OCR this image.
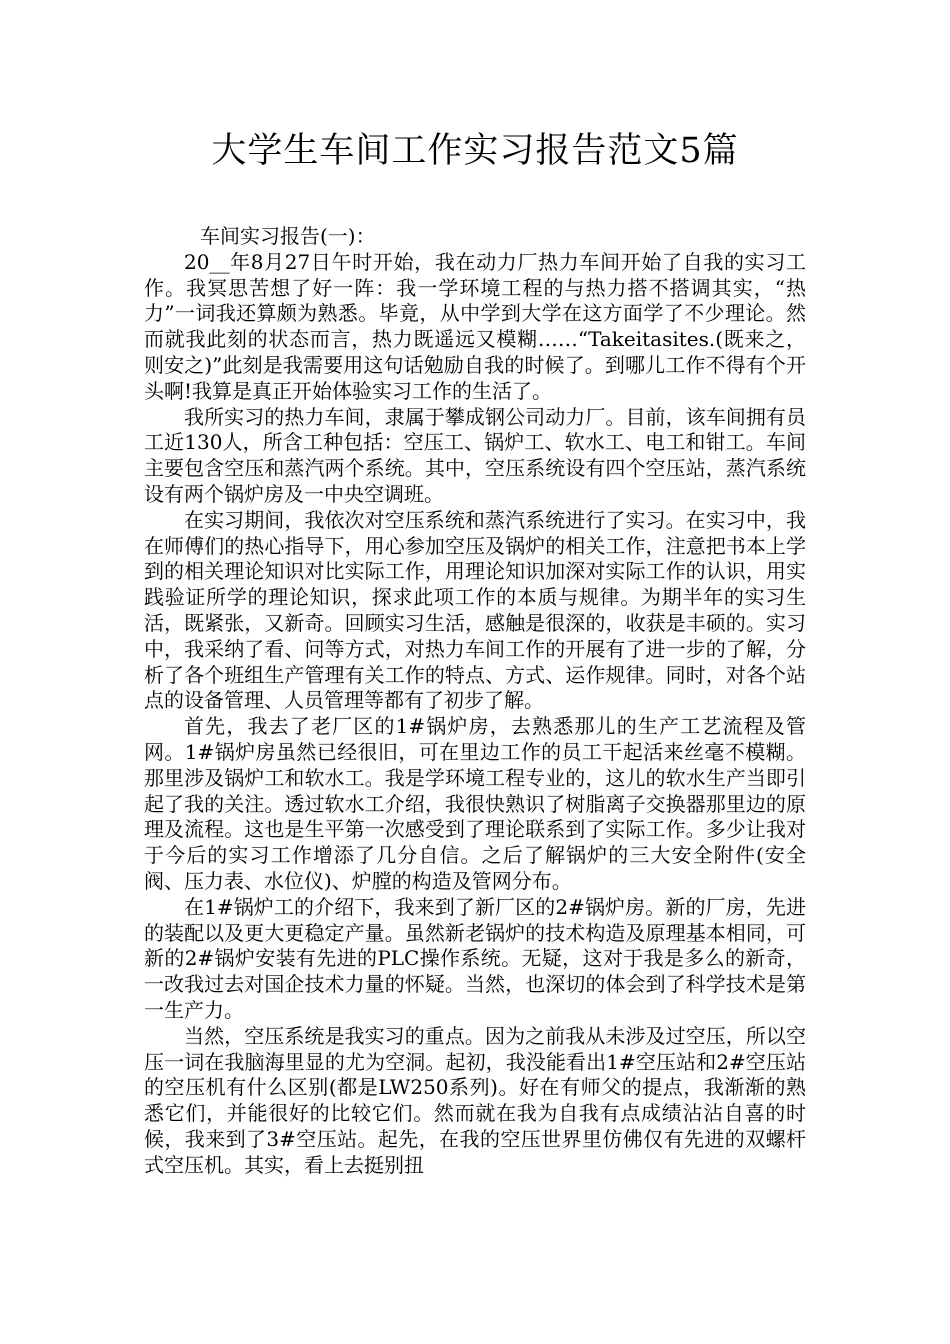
大学生车间工作实习报告范文5篇

车间实习报告(一)：

20__年8月27日午时开始，我在动力厂热力车间开始了自我的实习工作。我冥思苦想了好一阵：我一学环境工程的与热力搭不搭调其实，“热力”一词我还算颇为熟悉。毕竟，从中学到大学在这方面学了不少理论。然而就我此刻的状态而言，热力既遥远又模糊……“Takeitasites.(既来之，则安之)”此刻是我需要用这句话勉励自我的时候了。到哪儿工作不得有个开头啊!我算是真正开始体验实习工作的生活了。

我所实习的热力车间，隶属于攀成钢公司动力厂。目前，该车间拥有员工近130人，所含工种包括：空压工、锅炉工、软水工、电工和钳工。车间主要包含空压和蒸汽两个系统。其中，空压系统设有四个空压站，蒸汽系统设有两个锅炉房及一中央空调班。

在实习期间，我依次对空压系统和蒸汽系统进行了实习。在实习中，我在师傅们的热心指导下，用心参加空压及锅炉的相关工作，注意把书本上学到的相关理论知识对比实际工作，用理论知识加深对实际工作的认识，用实践验证所学的理论知识，探求此项工作的本质与规律。为期半年的实习生活，既紧张，又新奇。回顾实习生活，感触是很深的，收获是丰硕的。实习中，我采纳了看、问等方式，对热力车间工作的开展有了进一步的了解，分析了各个班组生产管理有关工作的特点、方式、运作规律。同时，对各个站点的设备管理、人员管理等都有了初步了解。

首先，我去了老厂区的1#锅炉房，去熟悉那儿的生产工艺流程及管网。1#锅炉房虽然已经很旧，可在里边工作的员工干起活来丝毫不模糊。那里涉及锅炉工和软水工。我是学环境工程专业的，这儿的软水生产当即引起了我的关注。透过软水工介绍，我很快熟识了树脂离子交换器那里边的原理及流程。这也是生平第一次感受到了理论联系到了实际工作。多少让我对于今后的实习工作增添了几分自信。之后了解锅炉的三大安全附件(安全阀、压力表、水位仪)、炉膛的构造及管网分布。

在1#锅炉工的介绍下，我来到了新厂区的2#锅炉房。新的厂房，先进的装配以及更大更稳定产量。虽然新老锅炉的技术构造及原理基本相同，可新的2#锅炉安装有先进的PLC操作系统。无疑，这对于我是多么的新奇，一改我过去对国企技术力量的怀疑。当然，也深切的体会到了科学技术是第一生产力。

当然，空压系统是我实习的重点。因为之前我从未涉及过空压，所以空压一词在我脑海里显的尤为空洞。起初，我没能看出1#空压站和2#空压站的空压机有什么区别(都是LW250系列)。好在有师父的提点，我渐渐的熟悉它们，并能很好的比较它们。然而就在我为自我有点成绩沾沾自喜的时候，我来到了3#空压站。起先，在我的空压世界里仿佛仅有先进的双螺杆式空压机。其实，看上去挺别扭
